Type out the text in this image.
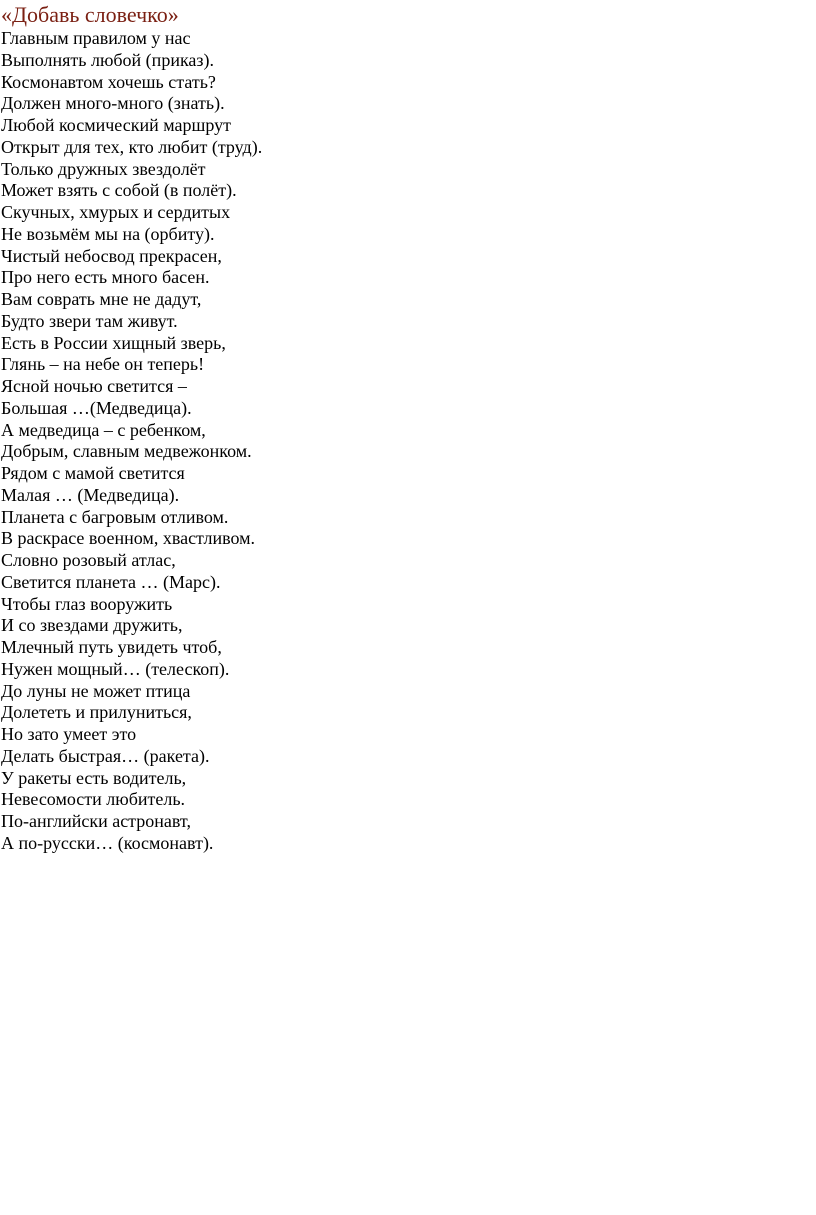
«Добавь словечко»
Главным правилом у нас
Выполнять любой (приказ).
Космонавтом хочешь стать?
Должен много-много (знать).
Любой космический маршрут
Открыт для тех, кто любит (труд).
Только дружных звездолёт
Может взять с собой (в полёт).
Скучных, хмурых и сердитых
Не возьмём мы на (орбиту).
Чистый небосвод прекрасен,
Про него есть много басен.
Вам соврать мне не дадут,
Будто звери там живут.
Есть в России хищный зверь,
Глянь – на небе он теперь!
Ясной ночью светится –
Большая …(Медведица).
А медведица – с ребенком,
Добрым, славным медвежонком.
Рядом с мамой светится
Малая … (Медведица).
Планета с багровым отливом.
В раскрасе военном, хвастливом.
Словно розовый атлас,
Светится планета … (Марс).
Чтобы глаз вооружить
И со звездами дружить,
Млечный путь увидеть чтоб,
Нужен мощный… (телескоп).
До луны не может птица
Долететь и прилуниться,
Но зато умеет это
Делать быстрая… (ракета).
У ракеты есть водитель,
Невесомости любитель.
По-английски астронавт,
А по-русски… (космонавт).
